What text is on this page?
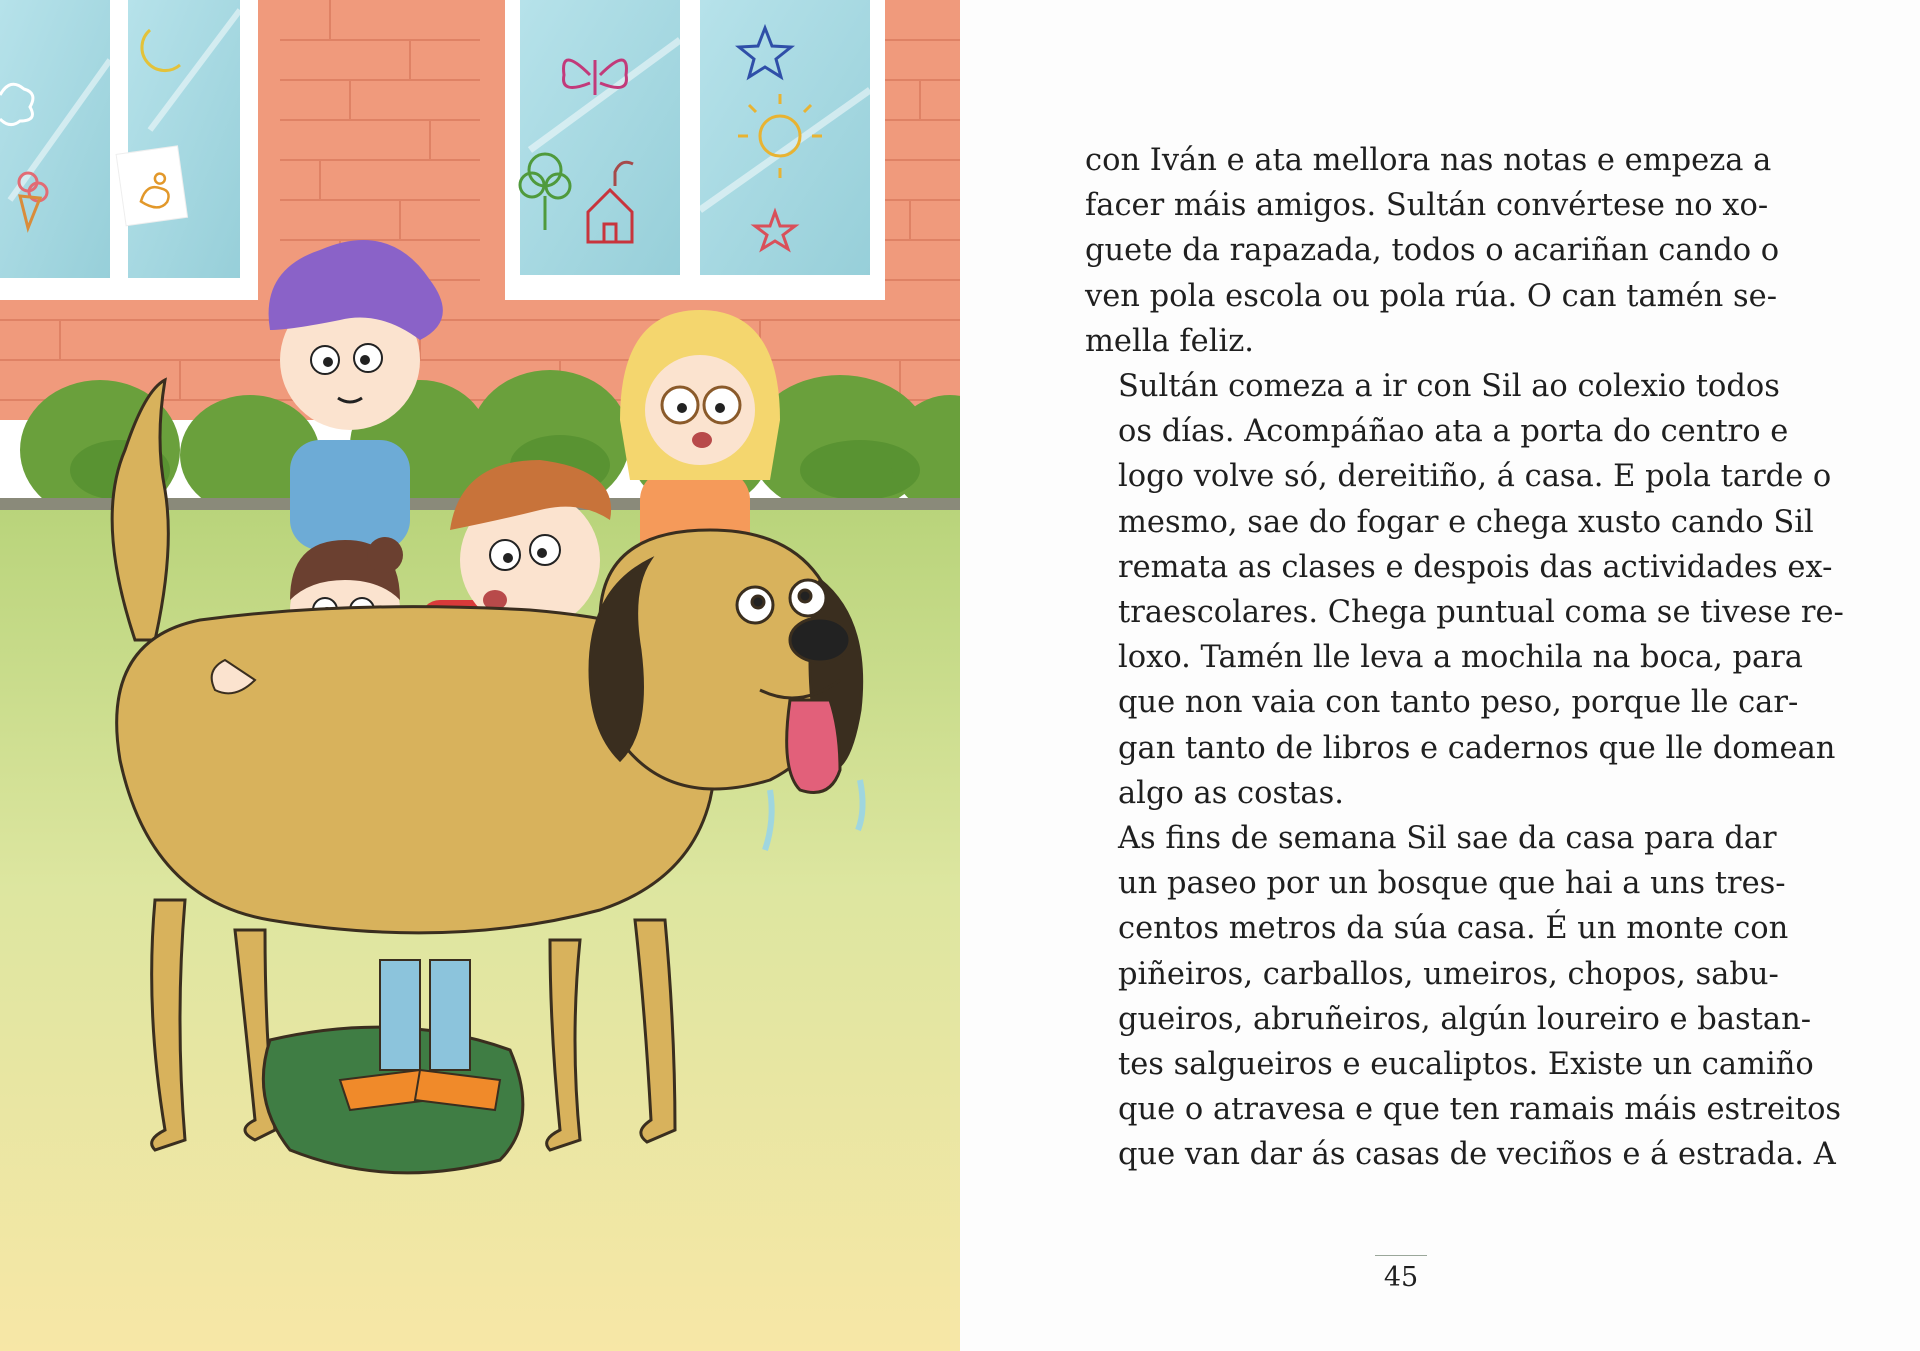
con Iván e ata mellora nas notas e empeza a
facer máis amigos. Sultán convértese no xo-
guete da rapazada, todos o acariñan cando o
ven pola escola ou pola rúa. O can tamén se-
mella feliz.

Sultán comeza a ir con Sil ao colexio todos
os días. Acompáñao ata a porta do centro e
logo volve só, dereitiño, á casa. E pola tarde o
mesmo, sae do fogar e chega xusto cando Sil
remata as clases e despois das actividades ex-
traescolares. Chega puntual coma se tivese re-
loxo. Tamén lle leva a mochila na boca, para
que non vaia con tanto peso, porque lle car-
gan tanto de libros e cadernos que lle domean
algo as costas.

As fins de semana Sil sae da casa para dar
un paseo por un bosque que hai a uns tres-
centos metros da súa casa. É un monte con
piñeiros, carballos, umeiros, chopos, sabu-
gueiros, abruñeiros, algún loureiro e bastan-
tes salgueiros e eucaliptos. Existe un camiño
que o atravesa e que ten ramais máis estreitos
que van dar ás casas de veciños e á estrada. A

45
